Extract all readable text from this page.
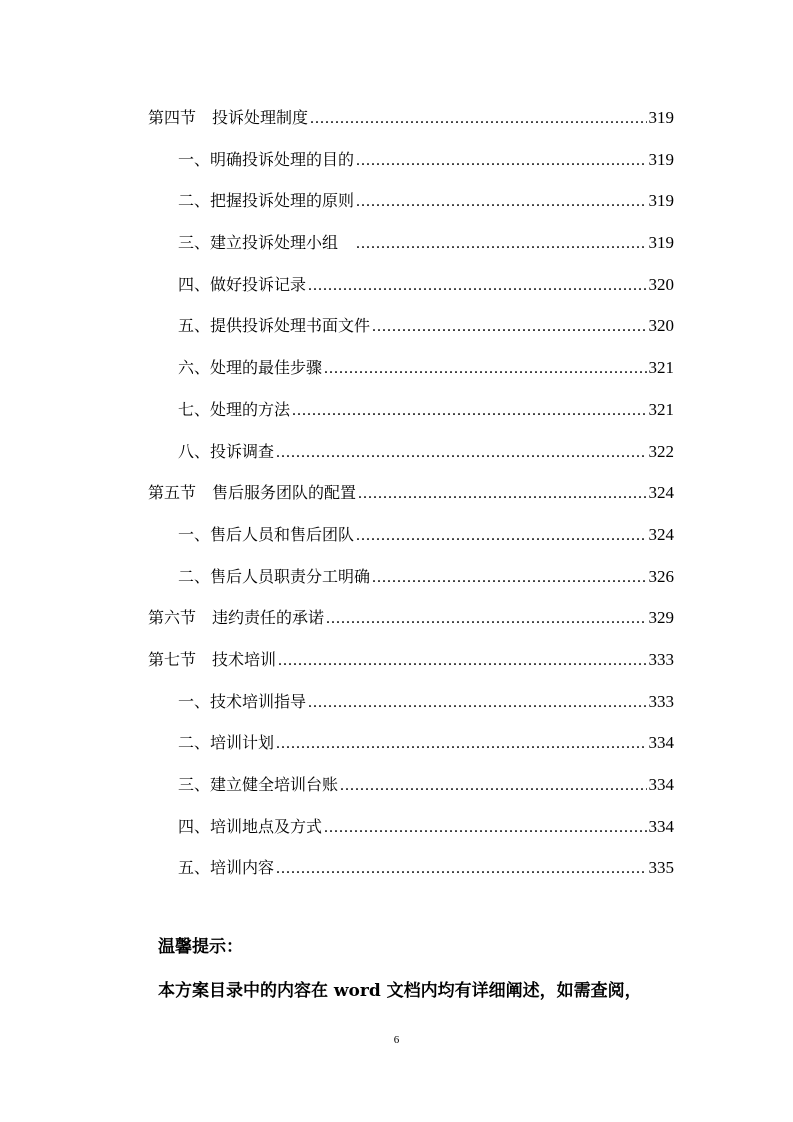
第四节　投诉处理制度 .....	319
一、明确投诉处理的目的 .....	319
二、把握投诉处理的原则 .....	319
三、建立投诉处理小组　 .....	319
四、做好投诉记录 .....	320
五、提供投诉处理书面文件 .....	320
六、处理的最佳步骤 .....	321
七、处理的方法 .....	321
八、投诉调查 .....	322
第五节　售后服务团队的配置 .....	324
一、售后人员和售后团队 .....	324
二、售后人员职责分工明确 .....	326
第六节　违约责任的承诺 .....	329
第七节　技术培训 .....	333
一、技术培训指导 .....	333
二、培训计划 .....	334
三、建立健全培训台账 .....	334
四、培训地点及方式 .....	334
五、培训内容 .....	335
温馨提示：
本方案目录中的内容在 word 文档内均有详细阐述，如需查阅，
6
